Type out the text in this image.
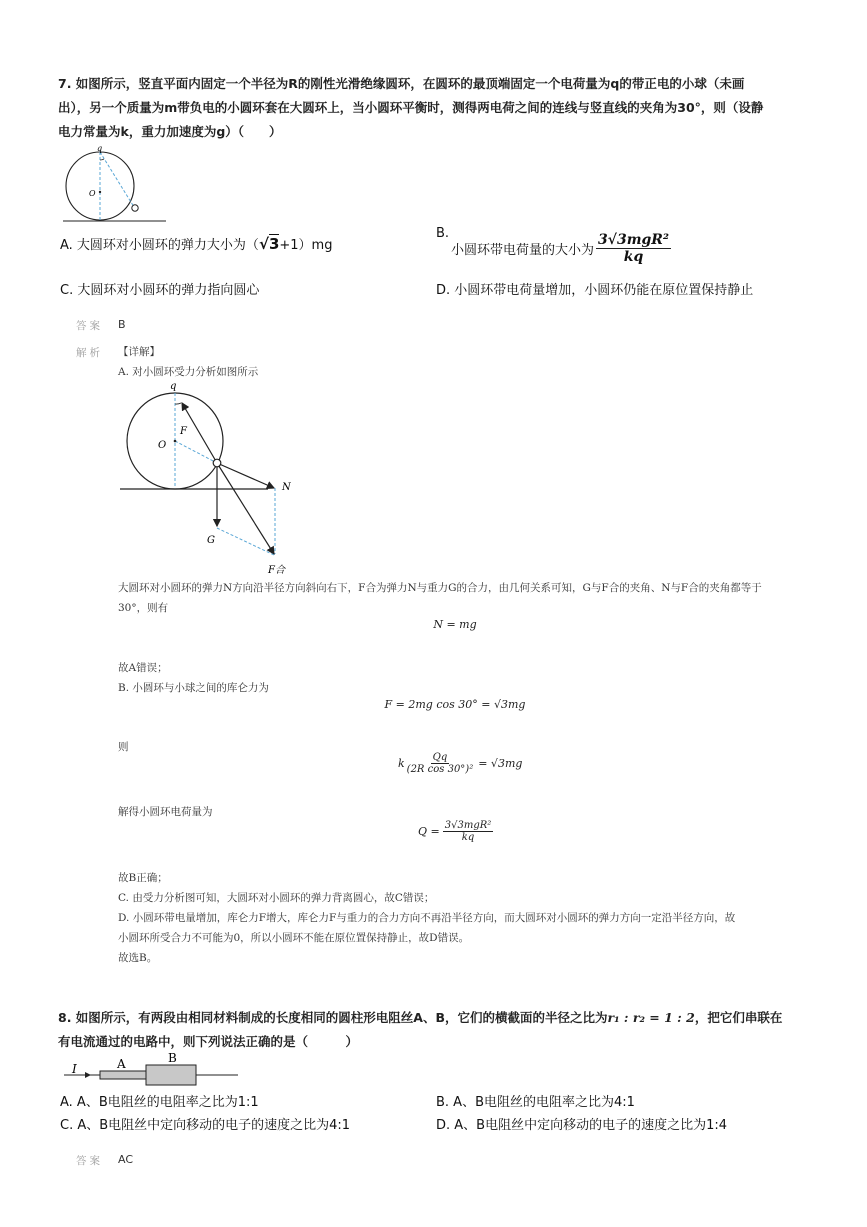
7. 如图所示，竖直平面内固定一个半径为R的刚性光滑绝缘圆环，在圆环的最顶端固定一个电荷量为q的带正电的小球（未画
出），另一个质量为m带负电的小圆环套在大圆环上，当小圆环平衡时，测得两电荷之间的连线与竖直线的夹角为30°，则（设静
电力常量为k，重力加速度为g）（　　）
q
O
A. 大圆环对小圆环的弹力大小为（√3+1）mg
B.
小圆环带电荷量的大小为 $\frac{\text{3√3mgR²}}{kq}$
C. 大圆环对小圆环的弹力指向圆心	D. 小圆环带电荷量增加，小圆环仍能在原位置保持静止
答案 B
解析 【详解】
A. 对小圆环受力分析如图所示
q
O
F
N
G
F合
大圆环对小圆环的弹力N方向沿半径方向斜向右下，F合为弹力N与重力G的合力，由几何关系可知，G与F合的夹角、N与F合的夹角都等于
30°，则有
N = mg
故A错误；
B. 小圆环与小球之间的库仑力为
F = 2mg cos 30° = √3mg
则
k $\frac{Qq}{\text{(2R cos 30°)²}} = √3mg$
解得小圆环电荷量为
$Q = \frac{\text{3√3mgR²}}{kq}$
故B正确；
C. 由受力分析图可知，大圆环对小圆环的弹力背离圆心，故C错误；
D. 小圆环带电量增加，库仑力F增大，库仑力F与重力的合力方向不再沿半径方向，而大圆环对小圆环的弹力方向一定沿半径方向，故
小圆环所受合力不可能为0，所以小圆环不能在原位置保持静止，故D错误。
故选B。
8. 如图所示，有两段由相同材料制成的长度相同的圆柱形电阻丝A、B，它们的横截面的半径之比为r₁ : r₂ = 1 : 2，把它们串联在
有电流通过的电路中，则下列说法正确的是（　　　）
I	A	B
A. A、B电阻丝的电阻率之比为1:1	B. A、B电阻丝的电阻率之比为4:1
C. A、B电阻丝中定向移动的电子的速度之比为4:1	D. A、B电阻丝中定向移动的电子的速度之比为1:4
答案 AC
